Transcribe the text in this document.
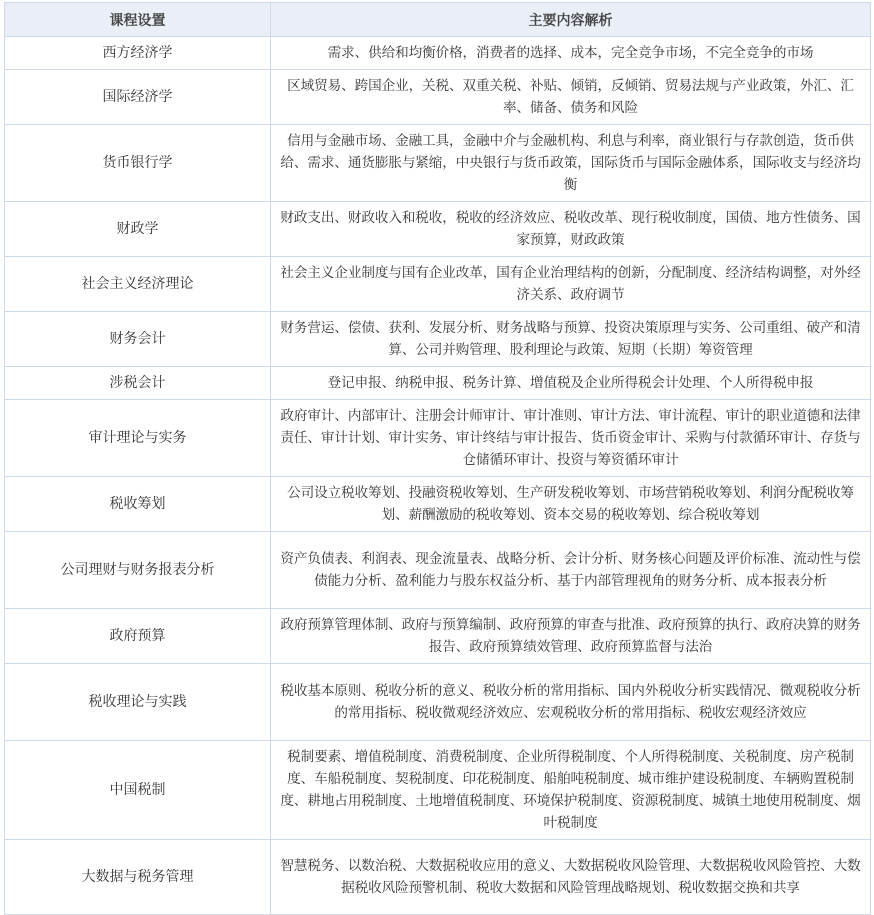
课程设置	主要内容解析
西方经济学	需求、供给和均衡价格，消费者的选择、成本，完全竞争市场，不完全竞争的市场
国际经济学	区域贸易、跨国企业，关税、双重关税、补贴、倾销，反倾销、贸易法规与产业政策，外汇、汇率、储备、债务和风险
货币银行学	信用与金融市场、金融工具，金融中介与金融机构、利息与利率，商业银行与存款创造，货币供给、需求、通货膨胀与紧缩，中央银行与货币政策，国际货币与国际金融体系，国际收支与经济均衡
财政学	财政支出、财政收入和税收，税收的经济效应、税收改革、现行税收制度，国债、地方性债务、国家预算，财政政策
社会主义经济理论	社会主义企业制度与国有企业改革，国有企业治理结构的创新，分配制度、经济结构调整，对外经济关系、政府调节
财务会计	财务营运、偿债、获利、发展分析、财务战略与预算、投资决策原理与实务、公司重组、破产和清算、公司并购管理、股利理论与政策、短期（长期）筹资管理
涉税会计	登记申报、纳税申报、税务计算、增值税及企业所得税会计处理、个人所得税申报
审计理论与实务	政府审计、内部审计、注册会计师审计、审计准则、审计方法、审计流程、审计的职业道德和法律责任、审计计划、审计实务、审计终结与审计报告、货币资金审计、采购与付款循环审计、存货与仓储循环审计、投资与筹资循环审计
税收筹划	公司设立税收筹划、投融资税收筹划、生产研发税收筹划、市场营销税收筹划、利润分配税收筹划、薪酬激励的税收筹划、资本交易的税收筹划、综合税收筹划
公司理财与财务报表分析	资产负债表、利润表、现金流量表、战略分析、会计分析、财务核心问题及评价标准、流动性与偿债能力分析、盈利能力与股东权益分析、基于内部管理视角的财务分析、成本报表分析
政府预算	政府预算管理体制、政府与预算编制、政府预算的审查与批准、政府预算的执行、政府决算的财务报告、政府预算绩效管理、政府预算监督与法治
税收理论与实践	税收基本原则、税收分析的意义、税收分析的常用指标、国内外税收分析实践情况、微观税收分析的常用指标、税收微观经济效应、宏观税收分析的常用指标、税收宏观经济效应
中国税制	税制要素、增值税制度、消费税制度、企业所得税制度、个人所得税制度、关税制度、房产税制度、车船税制度、契税制度、印花税制度、船舶吨税制度、城市维护建设税制度、车辆购置税制度、耕地占用税制度、土地增值税制度、环境保护税制度、资源税制度、城镇土地使用税制度、烟叶税制度
大数据与税务管理	智慧税务、以数治税、大数据税收应用的意义、大数据税收风险管理、大数据税收风险管控、大数据税收风险预警机制、税收大数据和风险管理战略规划、税收数据交换和共享
